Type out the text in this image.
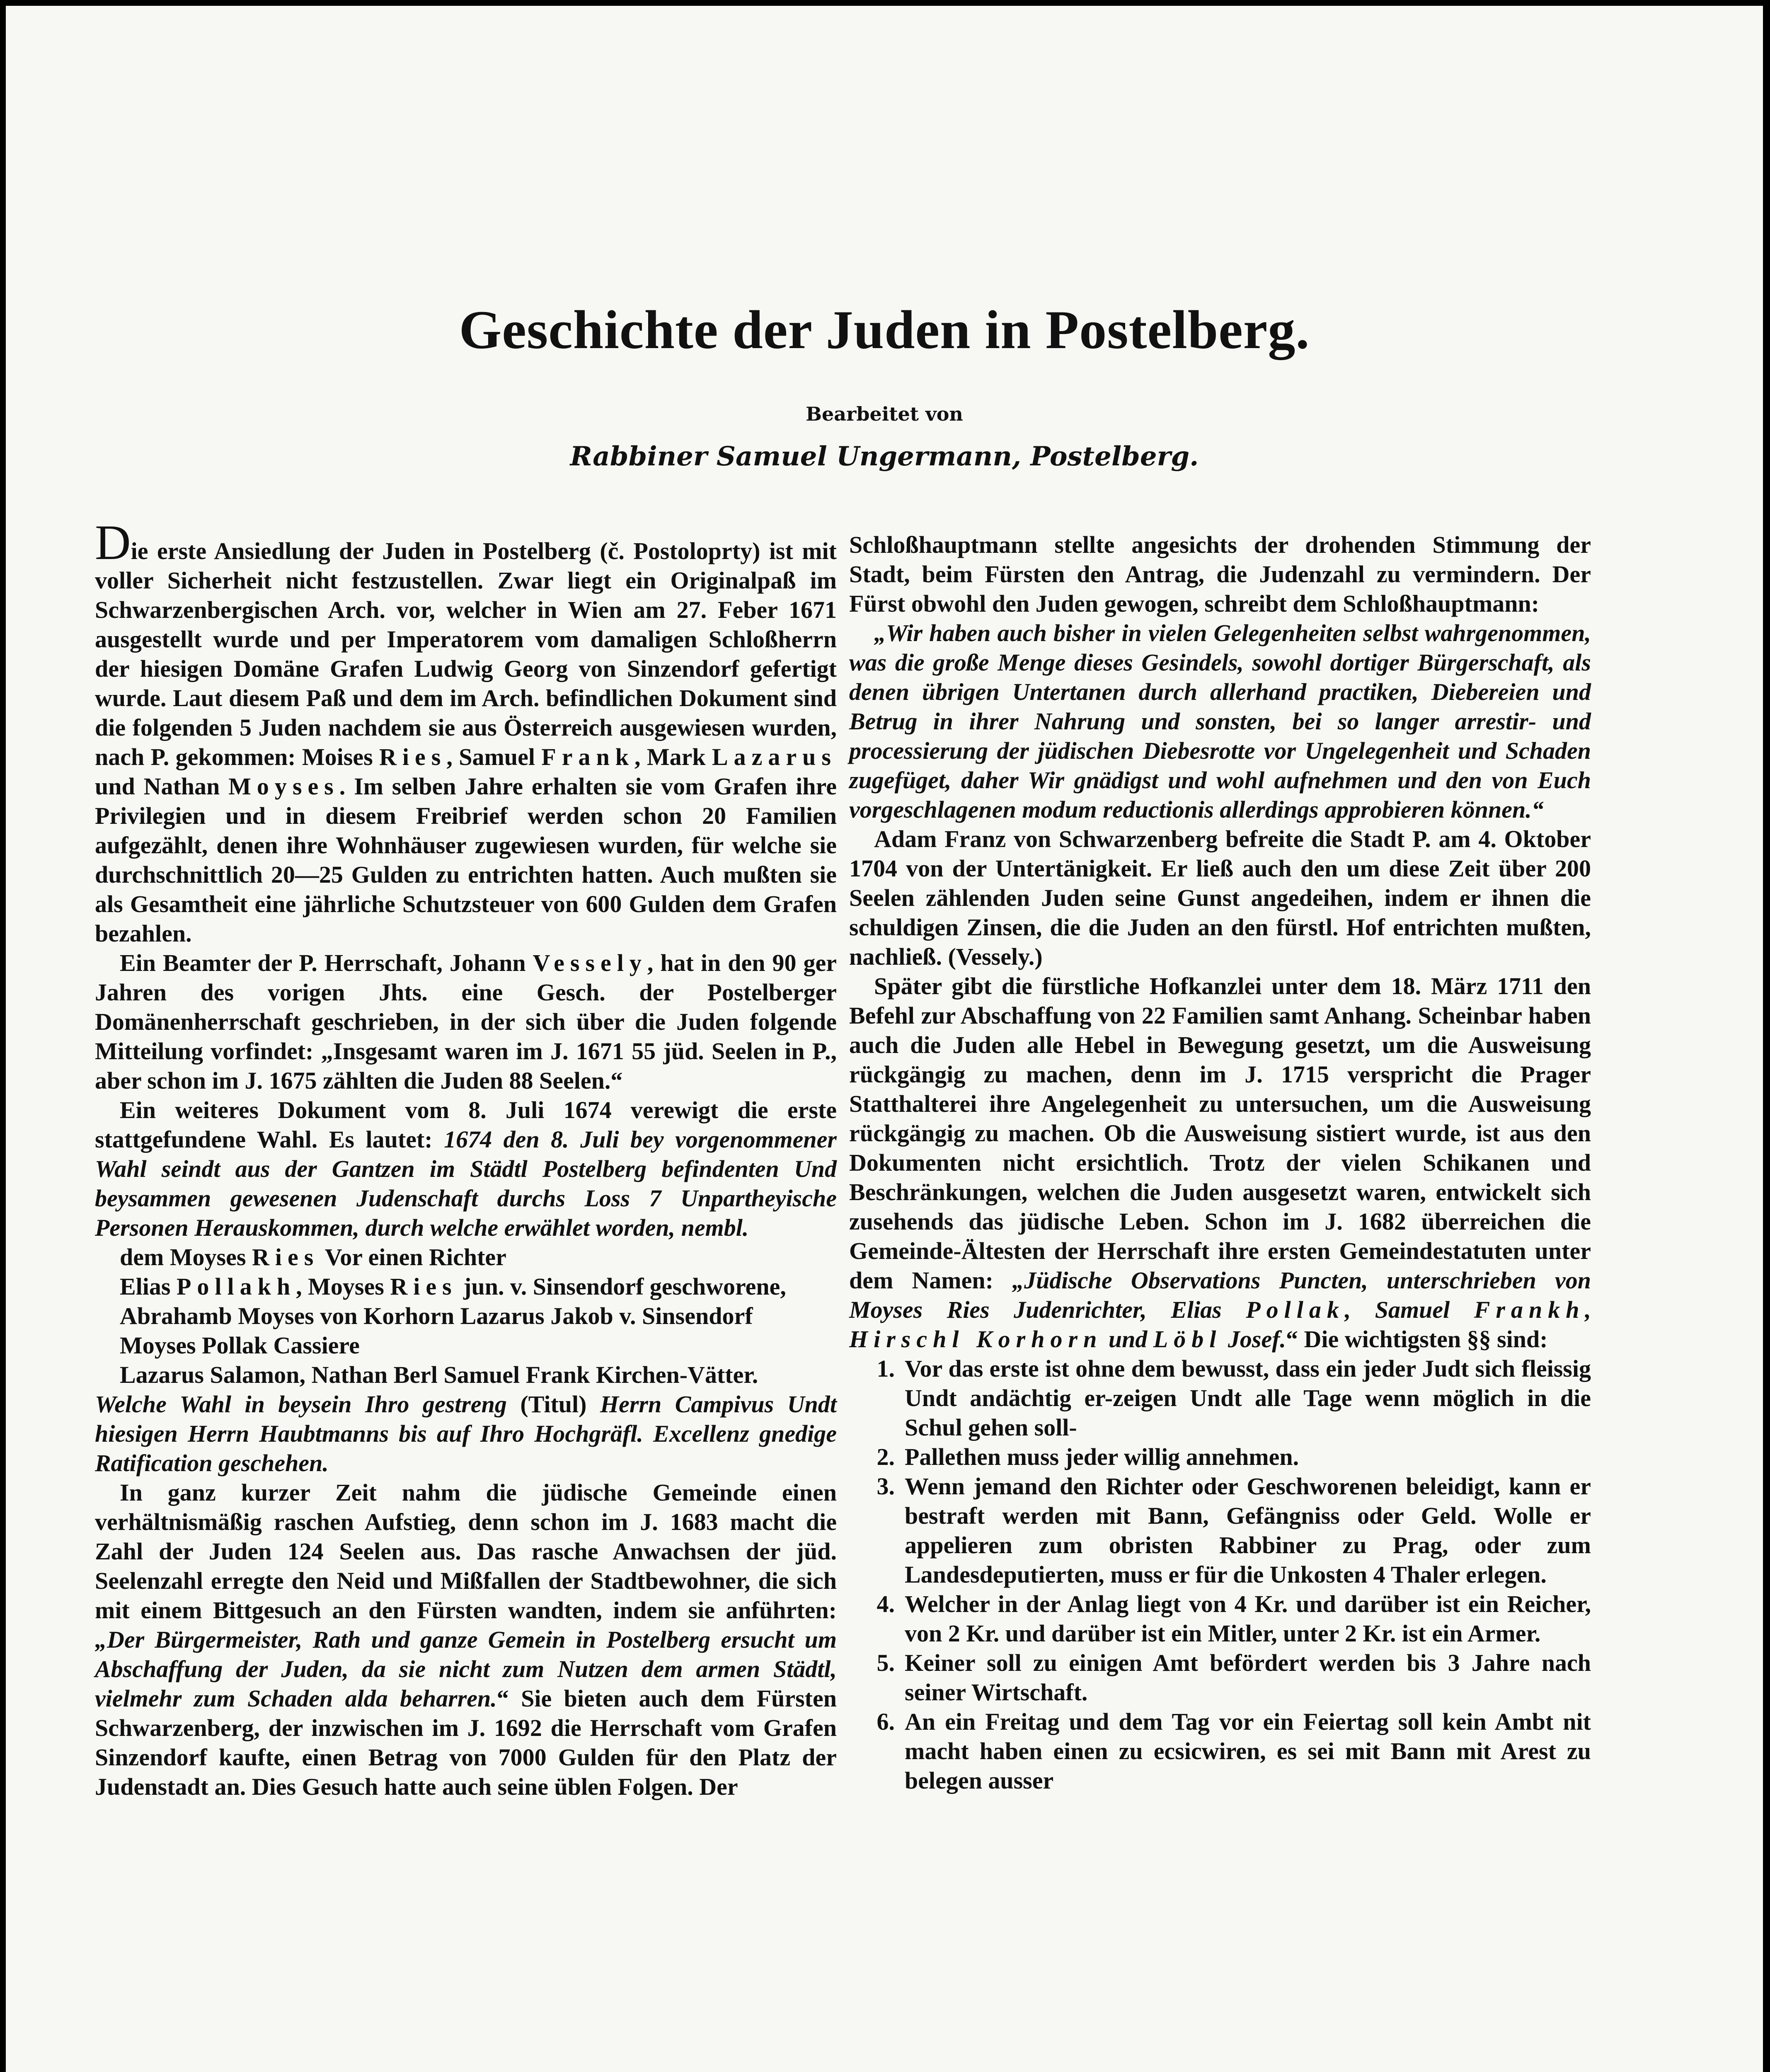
Geschichte der Juden in Postelberg.
Bearbeitet von
Rabbiner Samuel Ungermann, Postelberg.

Die erste Ansiedlung der Juden in Postelberg (č. Postoloprty) ist mit voller Sicherheit nicht festzustellen. Zwar liegt ein Originalpaß im Schwarzenbergischen Arch. vor, welcher in Wien am 27. Feber 1671 ausgestellt wurde und per Imperatorem vom damaligen Schloßherrn der hiesigen Domäne Grafen Ludwig Georg von Sinzendorf gefertigt wurde. Laut diesem Paß und dem im Arch. befindlichen Dokument sind die folgenden 5 Juden nachdem sie aus Österreich ausgewiesen wurden, nach P. gekommen: Moises Ries, Samuel Frank, Mark Lazarus und Nathan Moyses. Im selben Jahre erhalten sie vom Grafen ihre Privilegien und in diesem Freibrief werden schon 20 Familien aufgezählt, denen ihre Wohnhäuser zugewiesen wurden, für welche sie durchschnittlich 20—25 Gulden zu entrichten hatten. Auch mußten sie als Gesamtheit eine jährliche Schutzsteuer von 600 Gulden dem Grafen bezahlen.

Ein Beamter der P. Herrschaft, Johann Vessely, hat in den 90 ger Jahren des vorigen Jhts. eine Gesch. der Postelberger Domänenherrschaft geschrieben, in der sich über die Juden folgende Mitteilung vorfindet: „Insgesamt waren im J. 1671 55 jüd. Seelen in P., aber schon im J. 1675 zählten die Juden 88 Seelen.“

Ein weiteres Dokument vom 8. Juli 1674 verewigt die erste stattgefundene Wahl. Es lautet: 1674 den 8. Juli bey vorgenommener Wahl seindt aus der Gantzen im Städtl Postelberg befindenten Und beysammen gewesenen Judenschaft durchs Loss 7 Unpartheyische Personen Herauskommen, durch welche erwählet worden, nembl.

dem Moyses Ries Vor einen Richter

Elias Pollakh, Moyses Ries jun. v. Sinsendorf geschworene,

Abrahamb Moyses von Korhorn Lazarus Jakob v. Sinsendorf

Moyses Pollak Cassiere

Lazarus Salamon, Nathan Berl Samuel Frank Kirchen-Vätter.

Welche Wahl in beysein Ihro gestreng (Titul) Herrn Campivus Undt hiesigen Herrn Haubtmanns bis auf Ihro Hochgräfl. Excellenz gnedige Ratification geschehen.

In ganz kurzer Zeit nahm die jüdische Gemeinde einen verhältnismäßig raschen Aufstieg, denn schon im J. 1683 macht die Zahl der Juden 124 Seelen aus. Das rasche Anwachsen der jüd. Seelenzahl erregte den Neid und Mißfallen der Stadtbewohner, die sich mit einem Bittgesuch an den Fürsten wandten, indem sie anführten: „Der Bürgermeister, Rath und ganze Gemein in Postelberg ersucht um Abschaffung der Juden, da sie nicht zum Nutzen dem armen Städtl, vielmehr zum Schaden alda beharren.“ Sie bieten auch dem Fürsten Schwarzenberg, der inzwischen im J. 1692 die Herrschaft vom Grafen Sinzendorf kaufte, einen Betrag von 7000 Gulden für den Platz der Judenstadt an. Dies Gesuch hatte auch seine üblen Folgen. Der

Schloßhauptmann stellte angesichts der drohenden Stimmung der Stadt, beim Fürsten den Antrag, die Judenzahl zu vermindern. Der Fürst obwohl den Juden gewogen, schreibt dem Schloßhauptmann:

„Wir haben auch bisher in vielen Gelegenheiten selbst wahrgenommen, was die große Menge dieses Gesindels, sowohl dortiger Bürgerschaft, als denen übrigen Untertanen durch allerhand practiken, Diebereien und Betrug in ihrer Nahrung und sonsten, bei so langer arrestir- und processierung der jüdischen Diebesrotte vor Ungelegenheit und Schaden zugefüget, daher Wir gnädigst und wohl aufnehmen und den von Euch vorgeschlagenen modum reductionis allerdings approbieren können.“

Adam Franz von Schwarzenberg befreite die Stadt P. am 4. Oktober 1704 von der Untertänigkeit. Er ließ auch den um diese Zeit über 200 Seelen zählenden Juden seine Gunst angedeihen, indem er ihnen die schuldigen Zinsen, die die Juden an den fürstl. Hof entrichten mußten, nachließ. (Vessely.)

Später gibt die fürstliche Hofkanzlei unter dem 18. März 1711 den Befehl zur Abschaffung von 22 Familien samt Anhang. Scheinbar haben auch die Juden alle Hebel in Bewegung gesetzt, um die Ausweisung rückgängig zu machen, denn im J. 1715 verspricht die Prager Statthalterei ihre Angelegenheit zu untersuchen, um die Ausweisung rückgängig zu machen. Ob die Ausweisung sistiert wurde, ist aus den Dokumenten nicht ersichtlich. Trotz der vielen Schikanen und Beschränkungen, welchen die Juden ausgesetzt waren, entwickelt sich zusehends das jüdische Leben. Schon im J. 1682 überreichen die Gemeinde-Ältesten der Herrschaft ihre ersten Gemeindestatuten unter dem Namen: „Jüdische Observations Puncten, unterschrieben von Moyses Ries Judenrichter, Elias Pollak, Samuel Frankh, Hirschl Korhorn und Löbl Josef.“ Die wichtigsten §§ sind:

1. Vor das erste ist ohne dem bewusst, dass ein jeder Judt sich fleissig Undt andächtig er-zeigen Undt alle Tage wenn möglich in die Schul gehen soll-
2. Pallethen muss jeder willig annehmen.
3. Wenn jemand den Richter oder Geschworenen beleidigt, kann er bestraft werden mit Bann, Gefängniss oder Geld. Wolle er appelieren zum obristen Rabbiner zu Prag, oder zum Landesdeputierten, muss er für die Unkosten 4 Thaler erlegen.
4. Welcher in der Anlag liegt von 4 Kr. und darüber ist ein Reicher, von 2 Kr. und darüber ist ein Mitler, unter 2 Kr. ist ein Armer.
5. Keiner soll zu einigen Amt befördert werden bis 3 Jahre nach seiner Wirtschaft.
6. An ein Freitag und dem Tag vor ein Feiertag soll kein Ambt nit macht haben einen zu ecsicwiren, es sei mit Bann mit Arest zu belegen ausser
